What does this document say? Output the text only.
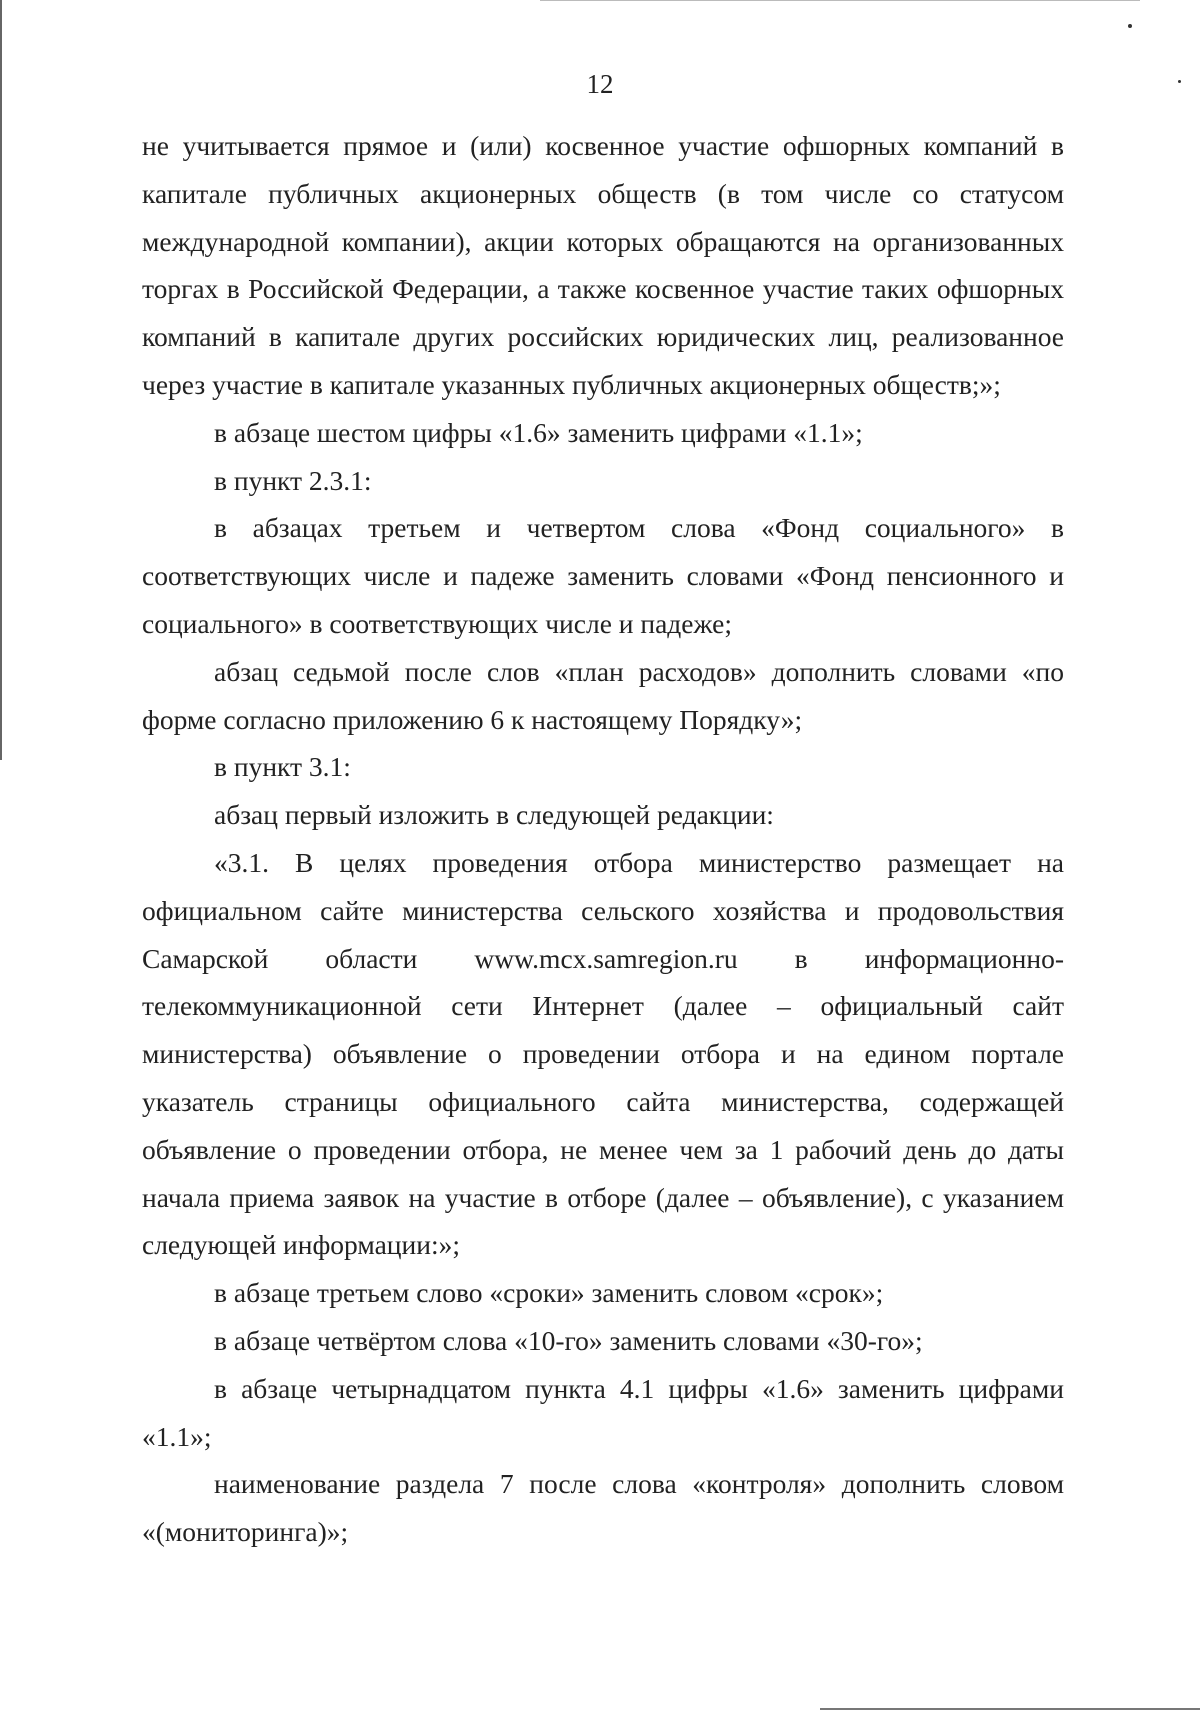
12

не учитывается прямое и (или) косвенное участие офшорных компаний в капитале публичных акционерных обществ (в том числе со статусом международной компании), акции которых обращаются на организованных торгах в Российской Федерации, а также косвенное участие таких офшорных компаний в капитале других российских юридических лиц, реализованное через участие в капитале указанных публичных акционерных обществ;»;

в абзаце шестом цифры «1.6» заменить цифрами «1.1»;

в пункт 2.3.1:

в абзацах третьем и четвертом слова «Фонд социального» в соответствующих числе и падеже заменить словами «Фонд пенсионного и социального» в соответствующих числе и падеже;

абзац седьмой после слов «план расходов» дополнить словами «по форме согласно приложению 6 к настоящему Порядку»;

в пункт 3.1:

абзац первый изложить в следующей редакции:

«3.1. В целях проведения отбора министерство размещает на официальном сайте министерства сельского хозяйства и продовольствия Самарской области www.mcx.samregion.ru в информационно-телекоммуникационной сети Интернет (далее – официальный сайт министерства) объявление о проведении отбора и на едином портале указатель страницы официального сайта министерства, содержащей объявление о проведении отбора, не менее чем за 1 рабочий день до даты начала приема заявок на участие в отборе (далее – объявление), с указанием следующей информации:»;

в абзаце третьем слово «сроки» заменить словом «срок»;

в абзаце четвёртом слова «10-го» заменить словами «30-го»;

в абзаце четырнадцатом пункта 4.1 цифры «1.6» заменить цифрами «1.1»;

наименование раздела 7 после слова «контроля» дополнить словом «(мониторинга)»;
